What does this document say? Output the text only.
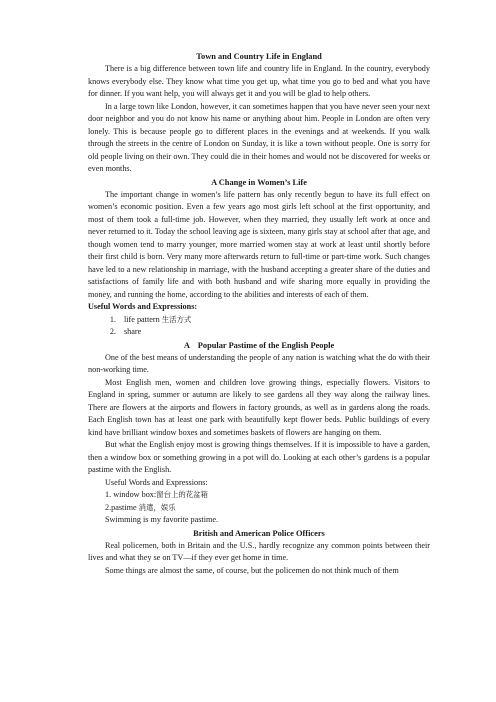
Town and Country Life in England

There is a big difference between town life and country life in England. In the country, everybody knows everybody else. They know what time you get up, what time you go to bed and what you have for dinner. If you want help, you will always get it and you will be glad to help others.

In a large town like London, however, it can sometimes happen that you have never seen your next door neighbor and you do not know his name or anything about him. People in London are often very lonely. This is because people go to different places in the evenings and at weekends. If you walk through the streets in the centre of London on Sunday, it is like a town without people. One is sorry for old people living on their own. They could die in their homes and would not be discovered for weeks or even months.

A Change in Women’s Life

The important change in women’s life pattern has only recently begun to have its full effect on women’s economic position. Even a few years ago most girls left school at the first opportunity, and most of them took a full-time job. However, when they married, they usually left work at once and never returned to it. Today the school leaving age is sixteen, many girls stay at school after that age, and though women tend to marry younger, more married women stay at work at least until shortly before their first child is born. Very many more afterwards return to full-time or part-time work. Such changes have led to a new relationship in marriage, with the husband accepting a greater share of the duties and satisfactions of family life and with both husband and wife sharing more equally in providing the money, and running the home, according to the abilities and interests of each of them.

Useful Words and Expressions:
1. life pattern 生活方式
2. share
A    Popular Pastime of the English People

One of the best means of understanding the people of any nation is watching what the do with their non-working time.

Most English men, women and children love growing things, especially flowers. Visitors to England in spring, summer or autumn are likely to see gardens all they way along the railway lines. There are flowers at the airports and flowers in factory grounds, as well as in gardens along the roads. Each English town has at least one park with beautifully kept flower beds. Public buildings of every kind have brilliant window boxes and sometimes baskets of flowers are hanging on them.

But what the English enjoy most is growing things themselves. If it is impossible to have a garden, then a window box or something growing in a pot will do. Looking at each other’s gardens is a popular pastime with the English.

Useful Words and Expressions:
1. window box:窗台上的花盆箱
2.pastime 消遣，娱乐
Swimming is my favorite pastime.
British and American Police Officers

Real policemen, both in Britain and the U.S., hardly recognize any common points between their lives and what they se on TV—if they ever get home in time.

Some things are almost the same, of course, but the policemen do not think much of them
